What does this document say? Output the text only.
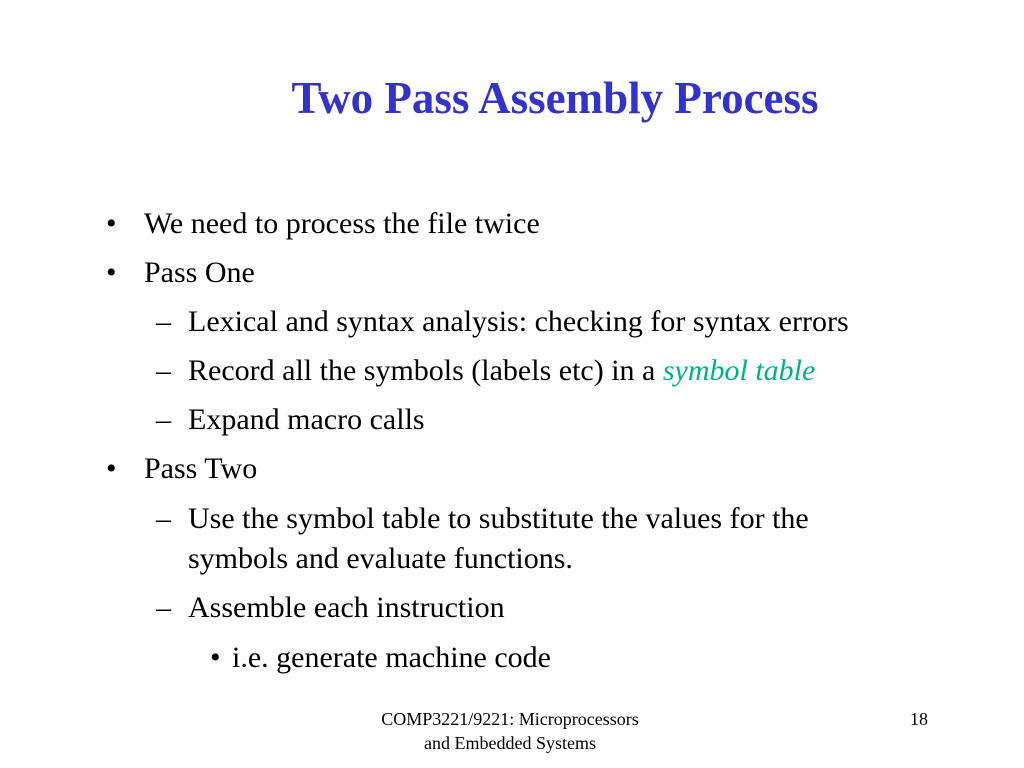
Two Pass Assembly Process
• We need to process the file twice
• Pass One
– Lexical and syntax analysis: checking for syntax errors
– Record all the symbols (labels etc) in a symbol table
– Expand macro calls
• Pass Two
– Use the symbol table to substitute the values for the
symbols and evaluate functions.
– Assemble each instruction
• i.e. generate machine code
COMP3221/9221: Microprocessors
and Embedded Systems
18
